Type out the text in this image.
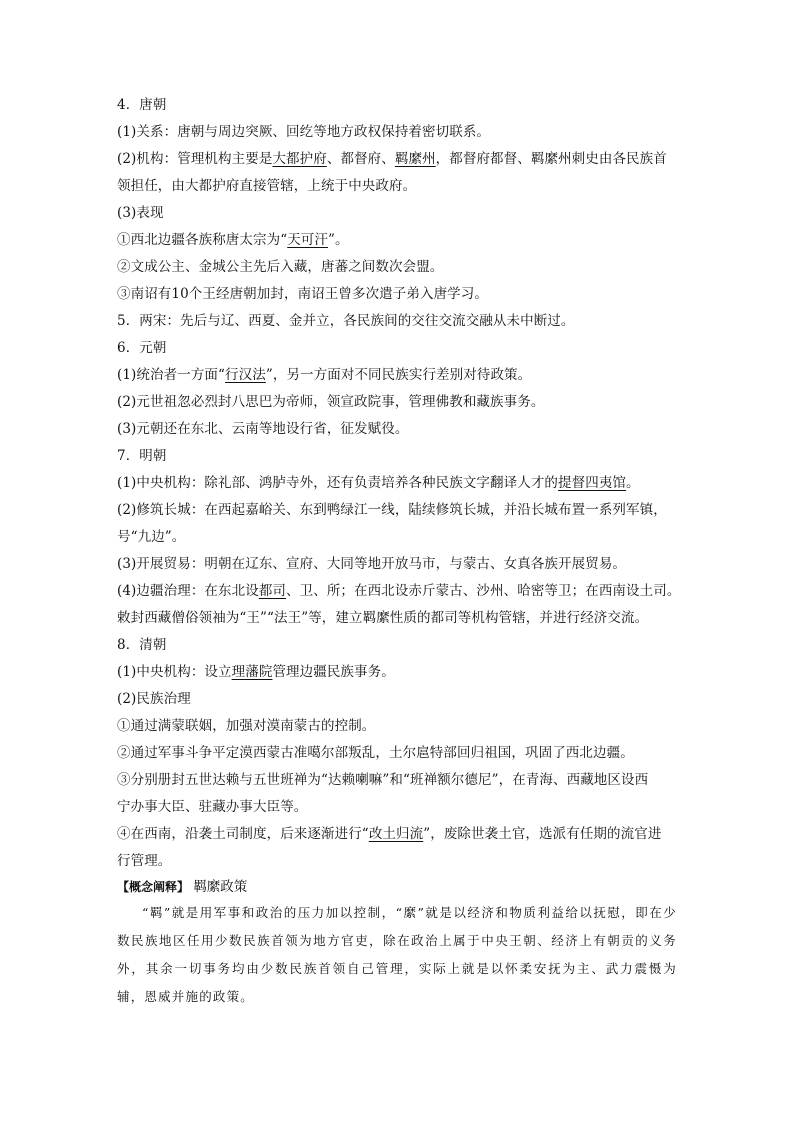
4．唐朝
(1)关系：唐朝与周边突厥、回纥等地方政权保持着密切联系。
(2)机构：管理机构主要是大都护府、都督府、羁縻州，都督府都督、羁縻州刺史由各民族首
领担任，由大都护府直接管辖，上统于中央政府。
(3)表现
①西北边疆各族称唐太宗为“天可汗”。
②文成公主、金城公主先后入藏，唐蕃之间数次会盟。
③南诏有10个王经唐朝加封，南诏王曾多次遣子弟入唐学习。
5．两宋：先后与辽、西夏、金并立，各民族间的交往交流交融从未中断过。
6．元朝
(1)统治者一方面“行汉法”，另一方面对不同民族实行差别对待政策。
(2)元世祖忽必烈封八思巴为帝师，领宣政院事，管理佛教和藏族事务。
(3)元朝还在东北、云南等地设行省，征发赋役。
7．明朝
(1)中央机构：除礼部、鸿胪寺外，还有负责培养各种民族文字翻译人才的提督四夷馆。
(2)修筑长城：在西起嘉峪关、东到鸭绿江一线，陆续修筑长城，并沿长城布置一系列军镇，
号“九边”。
(3)开展贸易：明朝在辽东、宣府、大同等地开放马市，与蒙古、女真各族开展贸易。
(4)边疆治理：在东北设都司、卫、所；在西北设赤斤蒙古、沙州、哈密等卫；在西南设土司。
敕封西藏僧俗领袖为“王”“法王”等，建立羁縻性质的都司等机构管辖，并进行经济交流。
8．清朝
(1)中央机构：设立理藩院管理边疆民族事务。
(2)民族治理
①通过满蒙联姻，加强对漠南蒙古的控制。
②通过军事斗争平定漠西蒙古准噶尔部叛乱，土尔扈特部回归祖国，巩固了西北边疆。
③分别册封五世达赖与五世班禅为“达赖喇嘛”和“班禅额尔德尼”，在青海、西藏地区设西
宁办事大臣、驻藏办事大臣等。
④在西南，沿袭土司制度，后来逐渐进行“改土归流”，废除世袭土官，选派有任期的流官进
行管理。
【概念阐释】 羁縻政策
“羁”就是用军事和政治的压力加以控制，“縻”就是以经济和物质利益给以抚慰，即在少数民族地区任用少数民族首领为地方官吏，除在政治上属于中央王朝、经济上有朝贡的义务外，其余一切事务均由少数民族首领自己管理，实际上就是以怀柔安抚为主、武力震慑为辅，恩威并施的政策。
